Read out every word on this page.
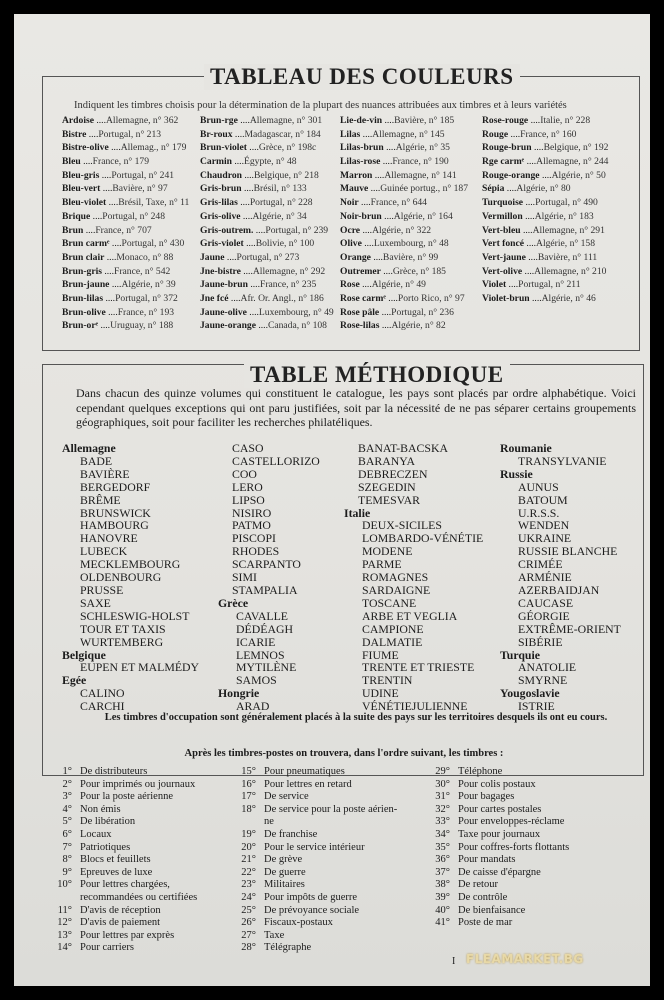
TABLEAU DES COULEURS
Indiquent les timbres choisis pour la détermination de la plupart des nuances attribuées aux timbres et à leurs variétés
Ardoise ....Allemagne, n° 362
Bistre ....Portugal, n° 213
Bistre-olive ....Allemag., n° 179
Bleu ....France, n° 179
Bleu-gris ....Portugal, n° 241
Bleu-vert ....Bavière, n° 97
Bleu-violet ....Brésil, Taxe, n° 11
Brique ....Portugal, n° 248
Brun ....France, n° 707
Brun carmᵉ ....Portugal, n° 430
Brun clair ....Monaco, n° 88
Brun-gris ....France, n° 542
Brun-jaune ....Algérie, n° 39
Brun-lilas ....Portugal, n° 372
Brun-olive ....France, n° 193
Brun-orᵉ ....Uruguay, n° 188
Brun-rge ....Allemagne, n° 301
Br-roux ....Madagascar, n° 184
Brun-violet ....Grèce, n° 198c
Carmin ....Égypte, n° 48
Chaudron ....Belgique, n° 218
Gris-brun ....Brésil, n° 133
Gris-lilas ....Portugal, n° 228
Gris-olive ....Algérie, n° 34
Gris-outrem. ....Portugal, n° 239
Gris-violet ....Bolivie, n° 100
Jaune ....Portugal, n° 273
Jne-bistre ....Allemagne, n° 292
Jaune-brun ....France, n° 235
Jne fcé ....Afr. Or. Angl., n° 186
Jaune-olive ....Luxembourg, n° 49
Jaune-orange ....Canada, n° 108
Lie-de-vin ....Bavière, n° 185
Lilas ....Allemagne, n° 145
Lilas-brun ....Algérie, n° 35
Lilas-rose ....France, n° 190
Marron ....Allemagne, n° 141
Mauve ....Guinée portug., n° 187
Noir ....France, n° 644
Noir-brun ....Algérie, n° 164
Ocre ....Algérie, n° 322
Olive ....Luxembourg, n° 48
Orange ....Bavière, n° 99
Outremer ....Grèce, n° 185
Rose ....Algérie, n° 49
Rose carmᵉ ....Porto Rico, n° 97
Rose pâle ....Portugal, n° 236
Rose-lilas ....Algérie, n° 82
Rose-rouge ....Italie, n° 228
Rouge ....France, n° 160
Rouge-brun ....Belgique, n° 192
Rge carmᵉ ....Allemagne, n° 244
Rouge-orange ....Algérie, n° 50
Sépia ....Algérie, n° 80
Turquoise ....Portugal, n° 490
Vermillon ....Algérie, n° 183
Vert-bleu ....Allemagne, n° 291
Vert foncé ....Algérie, n° 158
Vert-jaune ....Bavière, n° 111
Vert-olive ....Allemagne, n° 210
Violet ....Portugal, n° 211
Violet-brun ....Algérie, n° 46
TABLE MÉTHODIQUE
Dans chacun des quinze volumes qui constituent le catalogue, les pays sont placés par ordre alphabétique. Voici cependant quelques exceptions qui ont paru justifiées, soit par la nécessité de ne pas séparer certains groupements géographiques, soit pour faciliter les recherches philatéliques.
Allemagne
BADE
BAVIÈRE
BERGEDORF
BRÊME
BRUNSWICK
HAMBOURG
HANOVRE
LUBECK
MECKLEMBOURG
OLDENBOURG
PRUSSE
SAXE
SCHLESWIG-HOLST
TOUR ET TAXIS
WURTEMBERG
Belgique
EUPEN ET MALMÉDY
Egée
CALINO
CARCHI
CASO
CASTELLORIZO
COO
LERO
LIPSO
NISIRO
PATMO
PISCOPI
RHODES
SCARPANTO
SIMI
STAMPALIA
Grèce
CAVALLE
DÉDÉAGH
ICARIE
LEMNOS
MYTILÈNE
SAMOS
Hongrie
ARAD
BANAT-BACSKA
BARANYA
DEBRECZEN
SZEGEDIN
TEMESVAR
Italie
DEUX-SICILES
LOMBARDO-VÉNÉTIE
MODENE
PARME
ROMAGNES
SARDAIGNE
TOSCANE
ARBE ET VEGLIA
CAMPIONE
DALMATIE
FIUME
TRENTE ET TRIESTE
TRENTIN
UDINE
VÉNÉTIEJULIENNE
Roumanie
TRANSYLVANIE
Russie
AUNUS
BATOUM
U.R.S.S.
WENDEN
UKRAINE
RUSSIE BLANCHE
CRIMÉE
ARMÉNIE
AZERBAIDJAN
CAUCASE
GÉORGIE
EXTRÊME-ORIENT
SIBÉRIE
Turquie
ANATOLIE
SMYRNE
Yougoslavie
ISTRIE
Les timbres d'occupation sont généralement placés à la suite des pays sur les territoires desquels ils ont eu cours.
Après les timbres-postes on trouvera, dans l'ordre suivant, les timbres :
1° De distributeurs
2° Pour imprimés ou journaux
3° Pour la poste aérienne
4° Non émis
5° De libération
6° Locaux
7° Patriotiques
8° Blocs et feuillets
9° Epreuves de luxe
10° Pour lettres chargées,
recommandées ou certifiées
11° D'avis de réception
12° D'avis de paiement
13° Pour lettres par exprès
14° Pour carriers
15° Pour pneumatiques
16° Pour lettres en retard
17° De service
18° De service pour la poste aérien-
ne
19° De franchise
20° Pour le service intérieur
21° De grève
22° De guerre
23° Militaires
24° Pour impôts de guerre
25° De prévoyance sociale
26° Fiscaux-postaux
27° Taxe
28° Télégraphe
29° Téléphone
30° Pour colis postaux
31° Pour bagages
32° Pour cartes postales
33° Pour enveloppes-réclame
34° Taxe pour journaux
35° Pour coffres-forts flottants
36° Pour mandats
37° De caisse d'épargne
38° De retour
39° De contrôle
40° De bienfaisance
41° Poste de mar
I FLEAMARKET.BG
